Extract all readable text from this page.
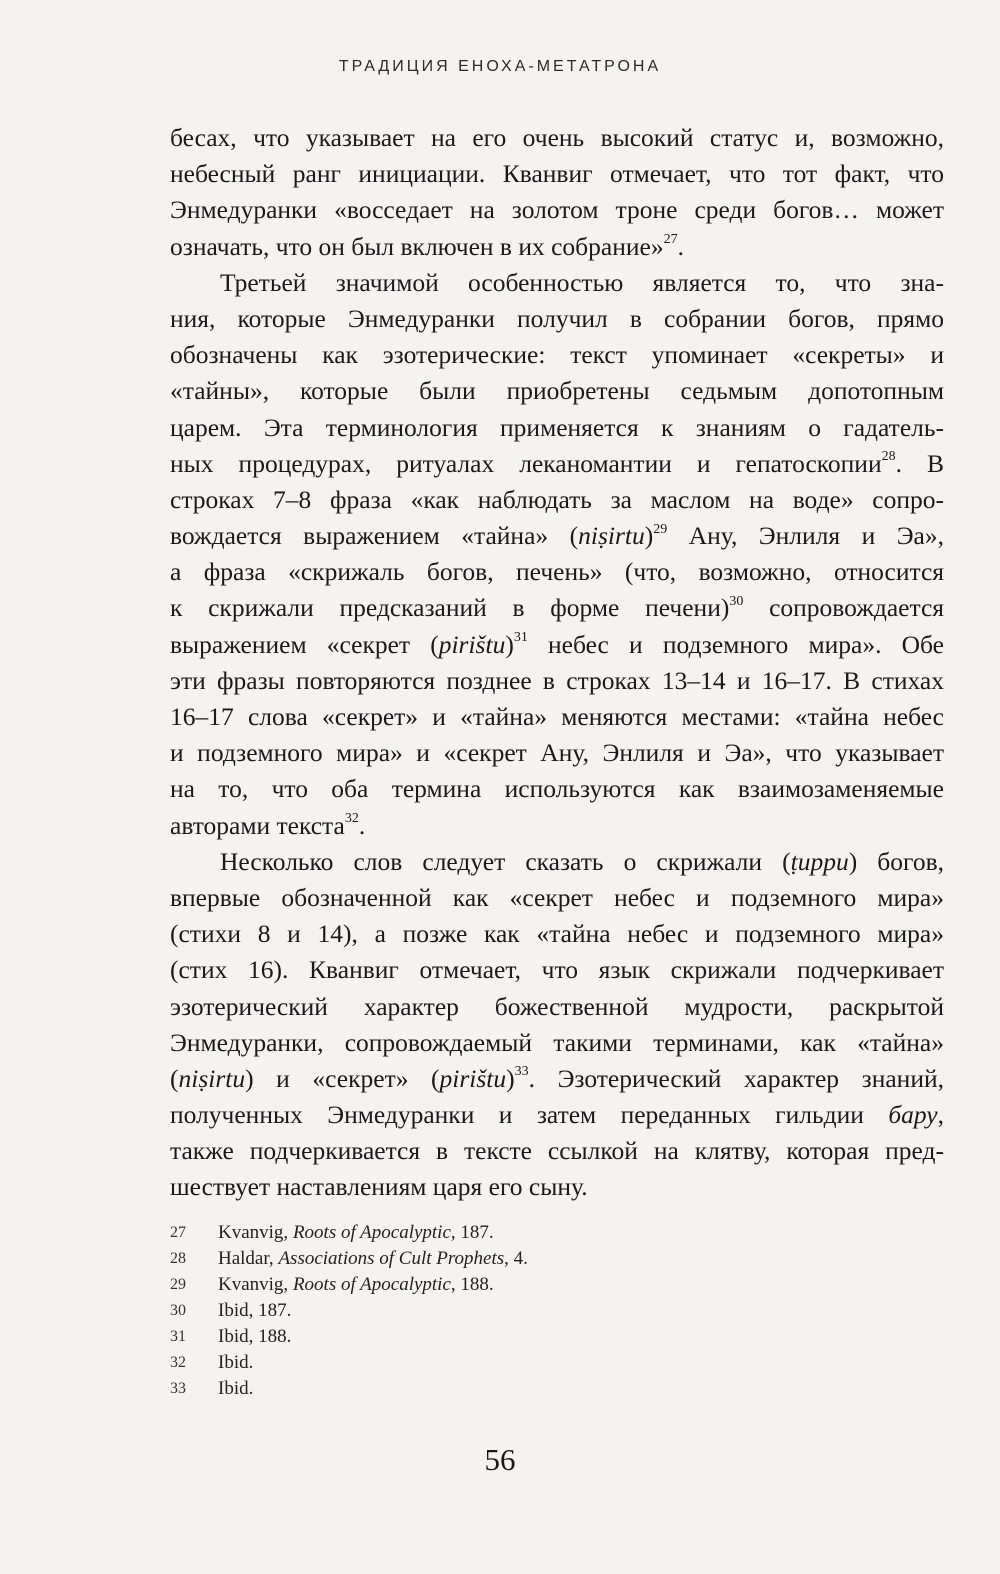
ТРАДИЦИЯ ЕНОХА-МЕТАТРОНА
бесах, что указывает на его очень высокий статус и, возможно,
небесный ранг инициации. Кванвиг отмечает, что тот факт, что
Энмедуранки «восседает на золотом троне среди богов… может
означать, что он был включен в их собрание»$^{27}$.
Третьей значимой особенностью является то, что зна-
ния, которые Энмедуранки получил в собрании богов, прямо
обозначены как эзотерические: текст упоминает «секреты» и
«тайны», которые были приобретены седьмым допотопным
царем. Эта терминология применяется к знаниям о гадатель-
ных процедурах, ритуалах леканомантии и гепатоскопии$^{28}$. В
строках 7–8 фраза «как наблюдать за маслом на воде» сопро-
вождается выражением «тайна» (niṣirtu)$^{29}$ Ану, Энлиля и Эа»,
а фраза «скрижаль богов, печень» (что, возможно, относится
к скрижали предсказаний в форме печени)$^{30}$ сопровождается
выражением «секрет (pirištu)$^{31}$ небес и подземного мира». Обе
эти фразы повторяются позднее в строках 13–14 и 16–17. В стихах
16–17 слова «секрет» и «тайна» меняются местами: «тайна небес
и подземного мира» и «секрет Ану, Энлиля и Эа», что указывает
на то, что оба термина используются как взаимозаменяемые
авторами текста$^{32}$.
Несколько слов следует сказать о скрижали (ṭuppu) богов,
впервые обозначенной как «секрет небес и подземного мира»
(стихи 8 и 14), а позже как «тайна небес и подземного мира»
(стих 16). Кванвиг отмечает, что язык скрижали подчеркивает
эзотерический характер божественной мудрости, раскрытой
Энмедуранки, сопровождаемый такими терминами, как «тайна»
(niṣirtu) и «секрет» (pirištu)$^{33}$. Эзотерический характер знаний,
полученных Энмедуранки и затем переданных гильдии бару,
также подчеркивается в тексте ссылкой на клятву, которая пред-
шествует наставлениям царя его сыну.
27	Kvanvig, Roots of Apocalyptic, 187.
28	Haldar, Associations of Cult Prophets, 4.
29	Kvanvig, Roots of Apocalyptic, 188.
30	Ibid, 187.
31	Ibid, 188.
32	Ibid.
33	Ibid.
56
